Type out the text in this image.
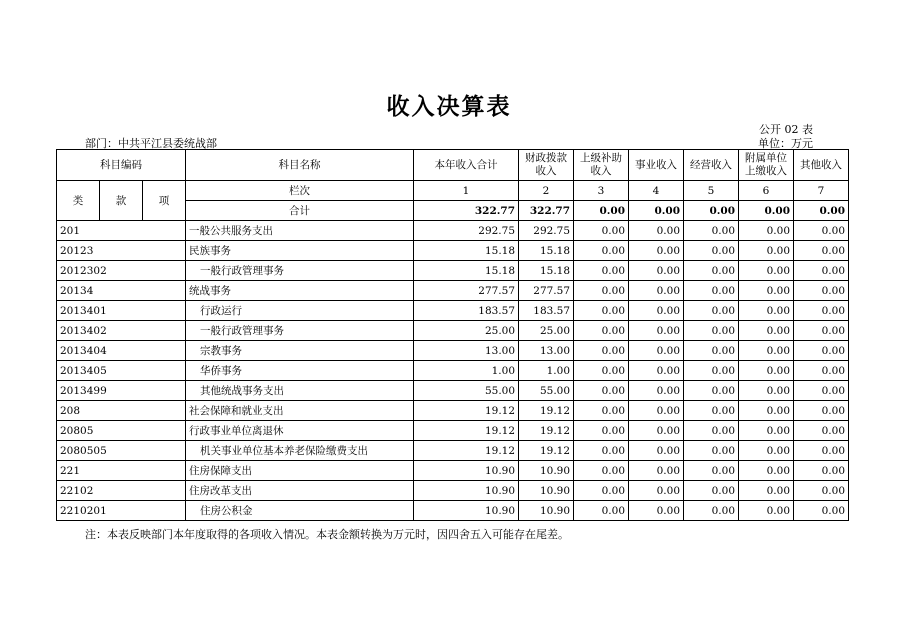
收入决算表
公开 02 表
单位：万元
部门：中共平江县委统战部
科目编码			科目名称	本年收入合计	财政拨款收入	上级补助收入	事业收入	经营收入	附属单位上缴收入	其他收入
类	款	项	栏次	1	2	3	4	5	6	7
			合计	322.77	322.77	0.00	0.00	0.00	0.00	0.00
201			一般公共服务支出	292.75	292.75	0.00	0.00	0.00	0.00	0.00
20123			民族事务	15.18	15.18	0.00	0.00	0.00	0.00	0.00
2012302			一般行政管理事务	15.18	15.18	0.00	0.00	0.00	0.00	0.00
20134			统战事务	277.57	277.57	0.00	0.00	0.00	0.00	0.00
2013401			行政运行	183.57	183.57	0.00	0.00	0.00	0.00	0.00
2013402			一般行政管理事务	25.00	25.00	0.00	0.00	0.00	0.00	0.00
2013404			宗教事务	13.00	13.00	0.00	0.00	0.00	0.00	0.00
2013405			华侨事务	1.00	1.00	0.00	0.00	0.00	0.00	0.00
2013499			其他统战事务支出	55.00	55.00	0.00	0.00	0.00	0.00	0.00
208			社会保障和就业支出	19.12	19.12	0.00	0.00	0.00	0.00	0.00
20805			行政事业单位离退休	19.12	19.12	0.00	0.00	0.00	0.00	0.00
2080505			机关事业单位基本养老保险缴费支出	19.12	19.12	0.00	0.00	0.00	0.00	0.00
221			住房保障支出	10.90	10.90	0.00	0.00	0.00	0.00	0.00
22102			住房改革支出	10.90	10.90	0.00	0.00	0.00	0.00	0.00
2210201			住房公积金	10.90	10.90	0.00	0.00	0.00	0.00	0.00
注：本表反映部门本年度取得的各项收入情况。本表金额转换为万元时，因四舍五入可能存在尾差。
